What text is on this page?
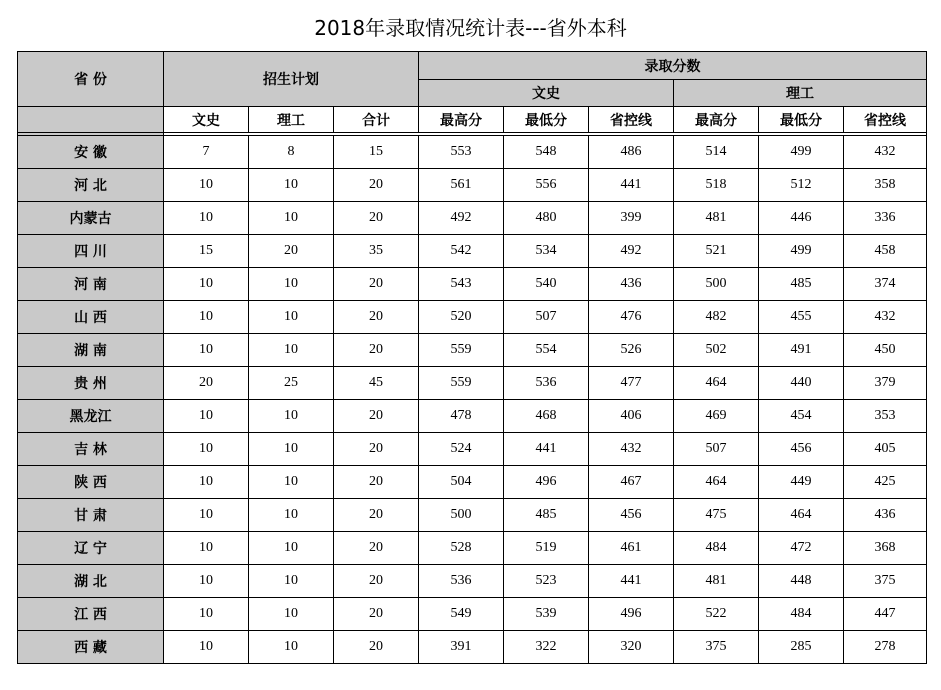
2018年录取情况统计表---省外本科
省 份	招生计划			录取分数					
				文史			理工		
	文史	理工	合计	最高分	最低分	省控线	最高分	最低分	省控线

安 徽	7	8	15	553	548	486	514	499	432
河 北	10	10	20	561	556	441	518	512	358
内蒙古	10	10	20	492	480	399	481	446	336
四 川	15	20	35	542	534	492	521	499	458
河 南	10	10	20	543	540	436	500	485	374
山 西	10	10	20	520	507	476	482	455	432
湖 南	10	10	20	559	554	526	502	491	450
贵 州	20	25	45	559	536	477	464	440	379
黑龙江	10	10	20	478	468	406	469	454	353
吉 林	10	10	20	524	441	432	507	456	405
陕 西	10	10	20	504	496	467	464	449	425
甘 肃	10	10	20	500	485	456	475	464	436
辽 宁	10	10	20	528	519	461	484	472	368
湖 北	10	10	20	536	523	441	481	448	375
江 西	10	10	20	549	539	496	522	484	447
西 藏	10	10	20	391	322	320	375	285	278
